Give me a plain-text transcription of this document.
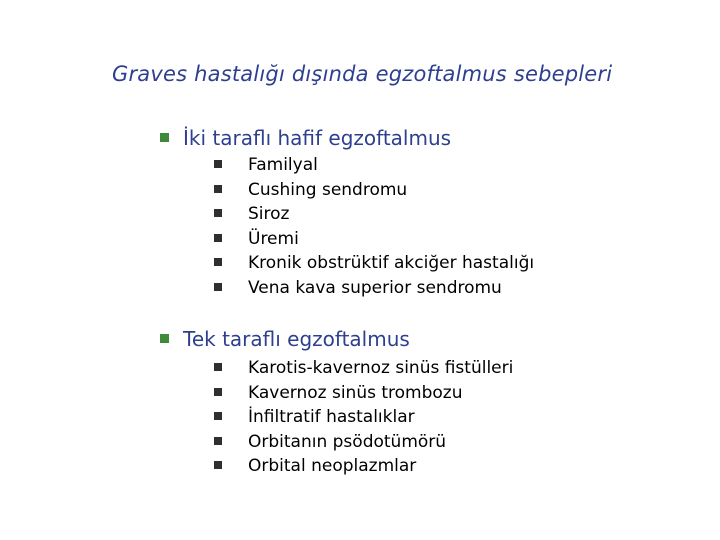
Graves hastalığı dışında egzoftalmus sebepleri
İki taraflı hafif egzoftalmus
Familyal
Cushing sendromu
Siroz
Üremi
Kronik obstrüktif akciğer hastalığı
Vena kava superior sendromu
Tek taraflı egzoftalmus
Karotis-kavernoz sinüs fistülleri
Kavernoz sinüs trombozu
İnfiltratif hastalıklar
Orbitanın psödotümörü
Orbital neoplazmlar
